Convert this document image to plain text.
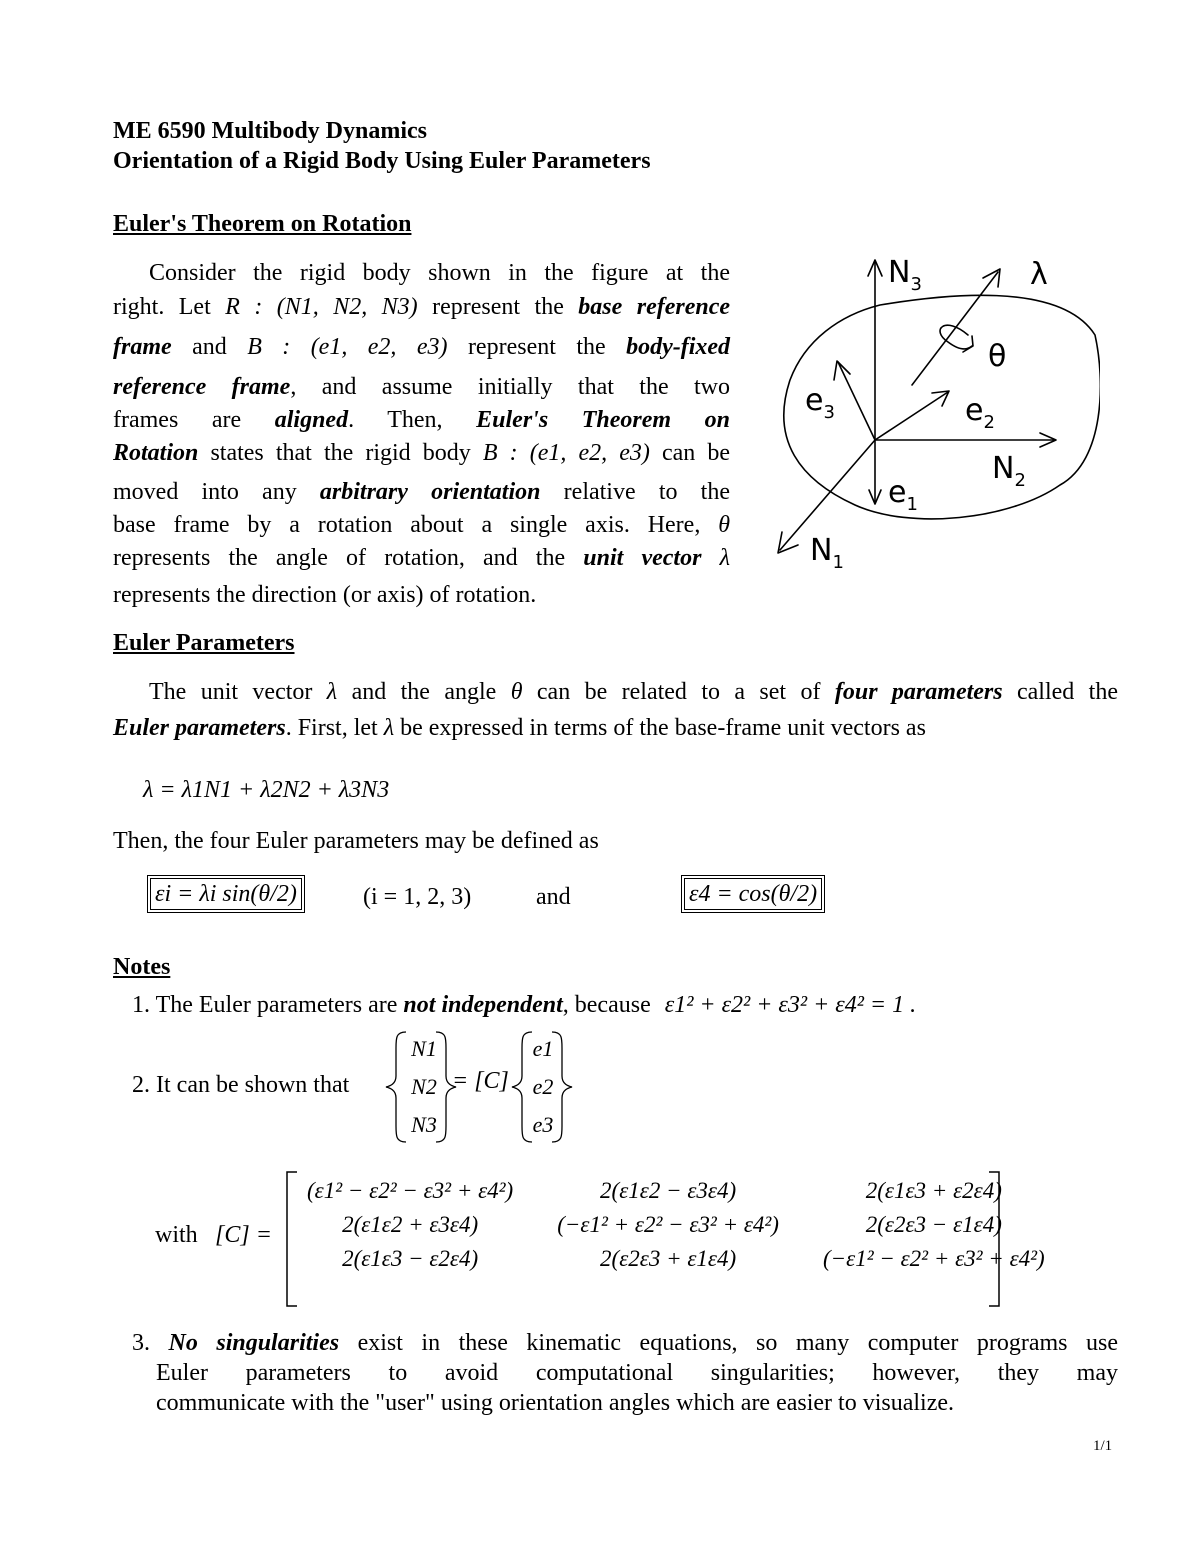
ME 6590 Multibody Dynamics
Orientation of a Rigid Body Using Euler Parameters
Euler's Theorem on Rotation
Consider the rigid body shown in the figure at the
right. Let R : (N1, N2, N3) represent the base reference
frame and B : (e1, e2, e3) represent the body-fixed
reference frame, and assume initially that the two
frames are aligned. Then, Euler's Theorem on
Rotation states that the rigid body B : (e1, e2, e3) can be
moved into any arbitrary orientation relative to the
base frame by a rotation about a single axis. Here, θ
represents the angle of rotation, and the unit vector λ
represents the direction (or axis) of rotation.
$N_3$	λ
θ
$e_3$	$e_2$
$N_2$
$e_1$
$N_1$
Euler Parameters
The unit vector λ and the angle θ can be related to a set of four parameters called the
Euler parameters. First, let λ be expressed in terms of the base-frame unit vectors as
λ = λ1N1 + λ2N2 + λ3N3
Then, the four Euler parameters may be defined as
εi = λi sin(θ/2)	(i = 1, 2, 3)	and	ε4 = cos(θ/2)
Notes
1. The Euler parameters are not independent, because ε1² + ε2² + ε3² + ε4² = 1 .
2. It can be shown that
N1
N2
N3
= [C]
e1
e2
e3
with [C] =
(ε1² − ε2² − ε3² + ε4²)	2(ε1ε2 − ε3ε4)	2(ε1ε3 + ε2ε4)
2(ε1ε2 + ε3ε4)	(−ε1² + ε2² − ε3² + ε4²)	2(ε2ε3 − ε1ε4)
2(ε1ε3 − ε2ε4)	2(ε2ε3 + ε1ε4)	(−ε1² − ε2² + ε3² + ε4²)
3. No singularities exist in these kinematic equations, so many computer programs use
Euler parameters to avoid computational singularities; however, they may
communicate with the "user" using orientation angles which are easier to visualize.
1/1
